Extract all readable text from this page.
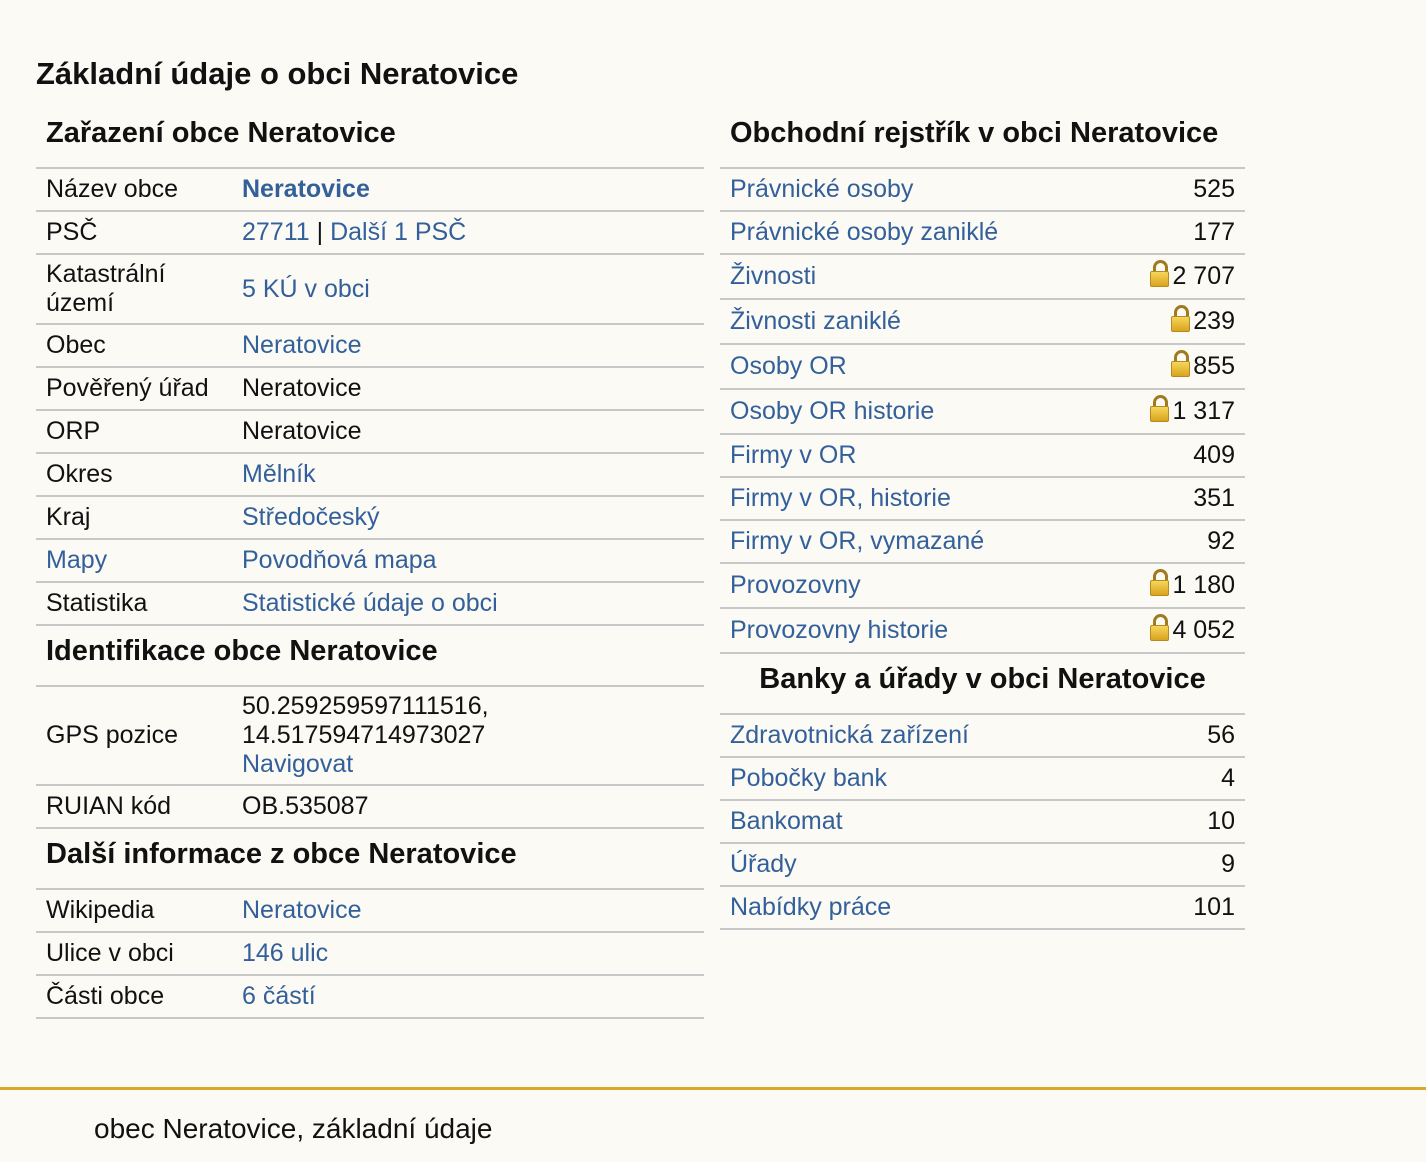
Základní údaje o obci Neratovice
Zařazení obce Neratovice
Název obce	Neratovice
PSČ	27711 | Další 1 PSČ
Katastrální území	5 KÚ v obci
Obec	Neratovice
Pověřený úřad	Neratovice
ORP	Neratovice
Okres	Mělník
Kraj	Středočeský
Mapy	Povodňová mapa
Statistika	Statistické údaje o obci
Identifikace obce Neratovice
GPS pozice	50.259259597111516,
14.517594714973027
Navigovat
RUIAN kód	OB.535087
Další informace z obce Neratovice
Wikipedia	Neratovice
Ulice v obci	146 ulic
Části obce	6 částí
Obchodní rejstřík v obci Neratovice
Právnické osoby	525
Právnické osoby zaniklé	177
Živnosti	2 707
Živnosti zaniklé	239
Osoby OR	855
Osoby OR historie	1 317
Firmy v OR	409
Firmy v OR, historie	351
Firmy v OR, vymazané	92
Provozovny	1 180
Provozovny historie	4 052
Banky a úřady v obci Neratovice
Zdravotnická zařízení	56
Pobočky bank	4
Bankomat	10
Úřady	9
Nabídky práce	101
obec Neratovice, základní údaje
